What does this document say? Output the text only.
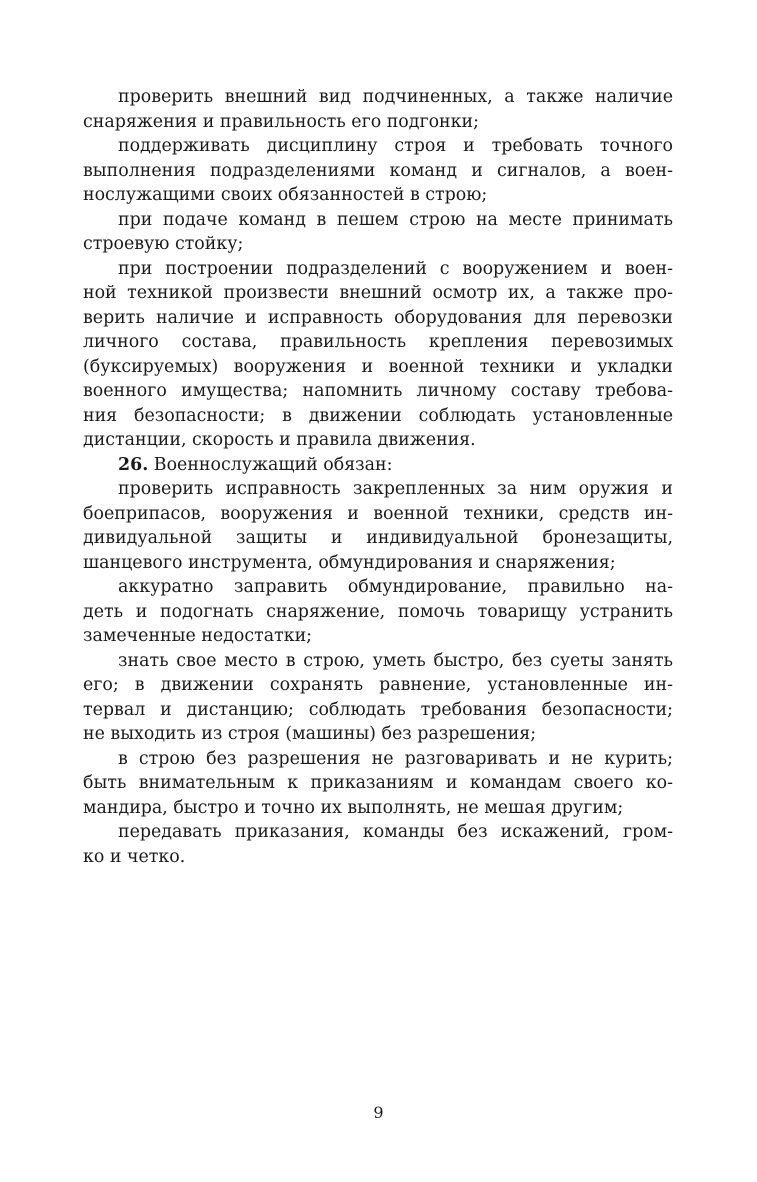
проверить внешний вид подчиненных, а также наличие
снаряжения и правильность его подгонки;
поддерживать дисциплину строя и требовать точного
выполнения подразделениями команд и сигналов, а воен-
нослужащими своих обязанностей в строю;
при подаче команд в пешем строю на месте принимать
строевую стойку;
при построении подразделений с вооружением и воен-
ной техникой произвести внешний осмотр их, а также про-
верить наличие и исправность оборудования для перевозки
личного состава, правильность крепления перевозимых
(буксируемых) вооружения и военной техники и укладки
военного имущества; напомнить личному составу требова-
ния безопасности; в движении соблюдать установленные
дистанции, скорость и правила движения.
26. Военнослужащий обязан:
проверить исправность закрепленных за ним оружия и
боеприпасов, вооружения и военной техники, средств ин-
дивидуальной защиты и индивидуальной бронезащиты,
шанцевого инструмента, обмундирования и снаряжения;
аккуратно заправить обмундирование, правильно на-
деть и подогнать снаряжение, помочь товарищу устранить
замеченные недостатки;
знать свое место в строю, уметь быстро, без суеты занять
его; в движении сохранять равнение, установленные ин-
тервал и дистанцию; соблюдать требования безопасности;
не выходить из строя (машины) без разрешения;
в строю без разрешения не разговаривать и не курить;
быть внимательным к приказаниям и командам своего ко-
мандира, быстро и точно их выполнять, не мешая другим;
передавать приказания, команды без искажений, гром-
ко и четко.
9
